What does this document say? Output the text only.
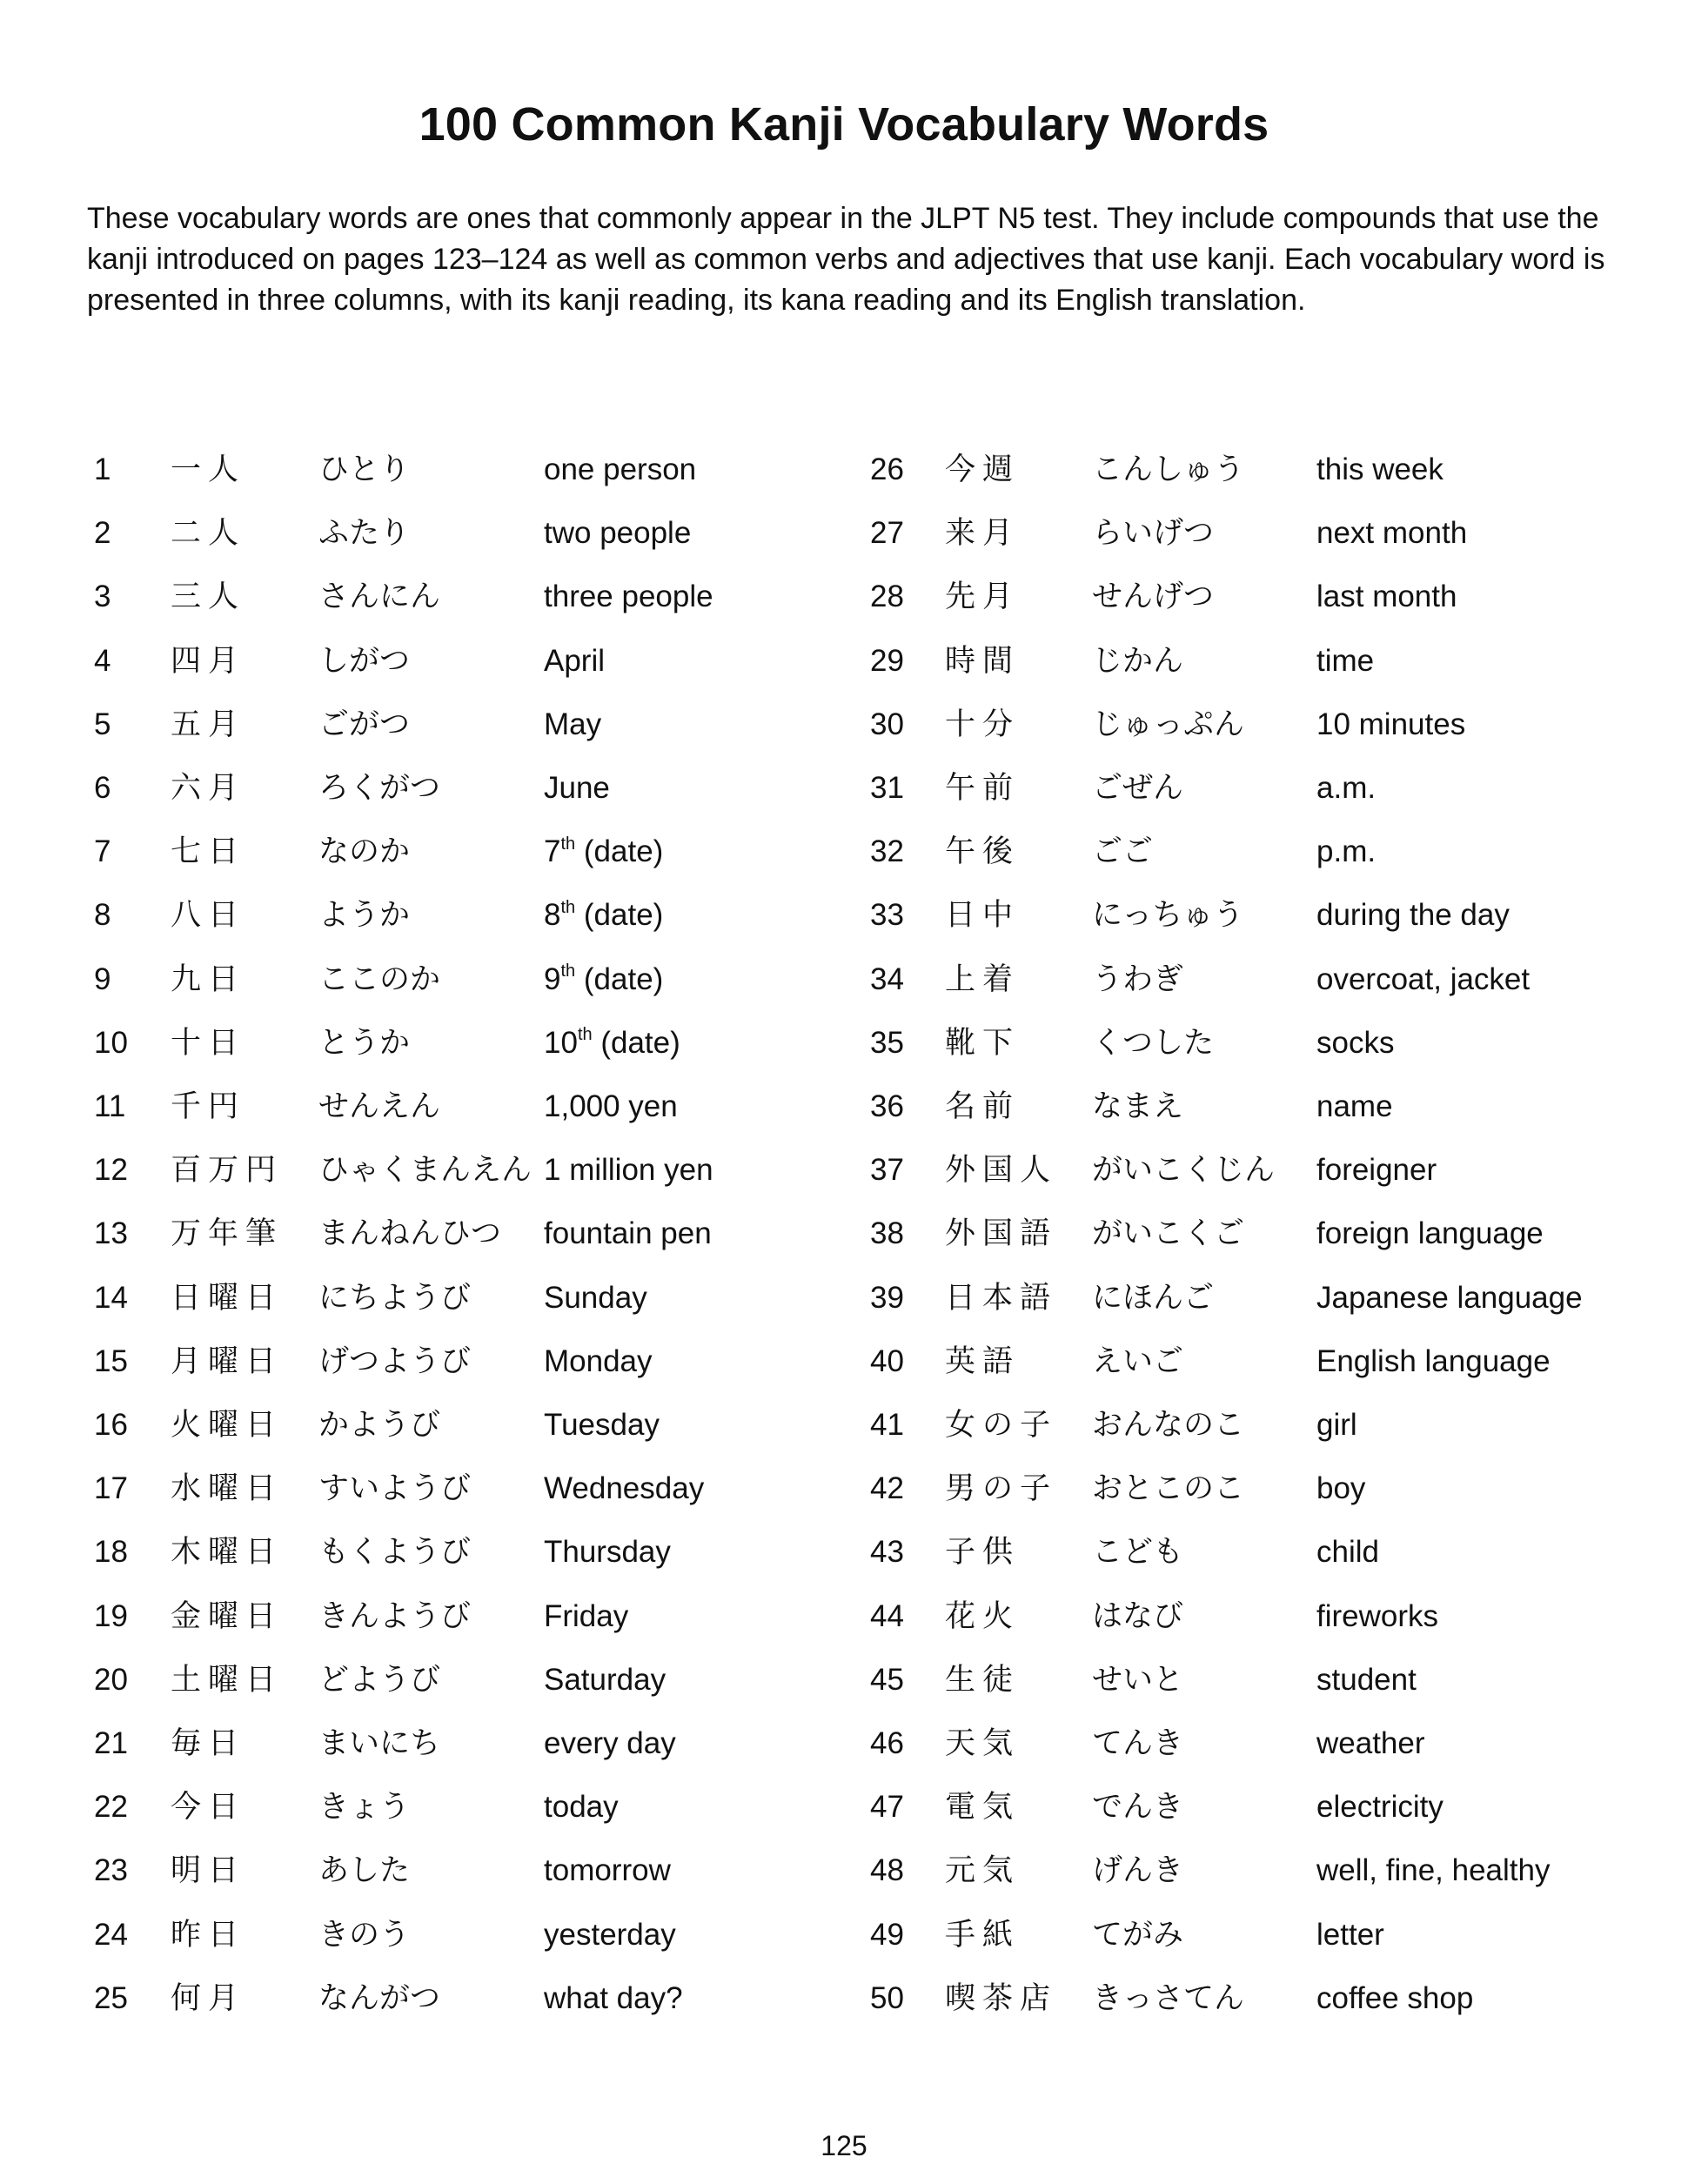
100 Common Kanji Vocabulary Words
These vocabulary words are ones that commonly appear in the JLPT N5 test. They include compounds that use the kanji introduced on pages 123–124 as well as common verbs and adjectives that use kanji. Each vocabulary word is presented in three columns, with its kanji reading, its kana reading and its English translation.
1	一人 ひとり	one person
2	二人 ふたり	two people
3	三人 さんにん	three people
4	四月 しがつ	April
5	五月 ごがつ	May
6	六月 ろくがつ	June
7	七日 なのか	7th (date)
8	八日 ようか	8th (date)
9	九日 ここのか	9th (date)
10	十日 とうか	10th (date)
11	千円 せんえん	1,000 yen
12	百万円 ひゃくまんえん 1 million yen
13	万年筆 まんねんひつ fountain pen
14	日曜日 にちようび Sunday
15	月曜日 げつようび Monday
16	火曜日 かようび	Tuesday
17	水曜日 すいようび Wednesday
18	木曜日 もくようび Thursday
19	金曜日 きんようび Friday
20	土曜日 どようび	Saturday
21	毎日 まいにち	every day
22	今日 きょう	today
23	明日 あした	tomorrow
24	昨日 きのう	yesterday
25	何月 なんがつ	what day?
26	今週 こんしゅう this week
27	来月 らいげつ	next month
28	先月 せんげつ	last month
29	時間 じかん	time
30	十分 じゅっぷん 10 minutes
31	午前 ごぜん	a.m.
32	午後 ごご	p.m.
33	日中 にっちゅう during the day
34	上着 うわぎ	overcoat, jacket
35	靴下 くつした	socks
36	名前 なまえ	name
37	外国人 がいこくじん foreigner
38	外国語 がいこくご foreign language
39	日本語 にほんご	Japanese language
40	英語 えいご	English language
41	女の子 おんなのこ girl
42	男の子 おとこのこ boy
43	子供 こども	child
44	花火 はなび	fireworks
45	生徒 せいと	student
46	天気 てんき	weather
47	電気 でんき	electricity
48	元気 げんき	well, fine, healthy
49	手紙 てがみ	letter
50	喫茶店 きっさてん coffee shop
125
